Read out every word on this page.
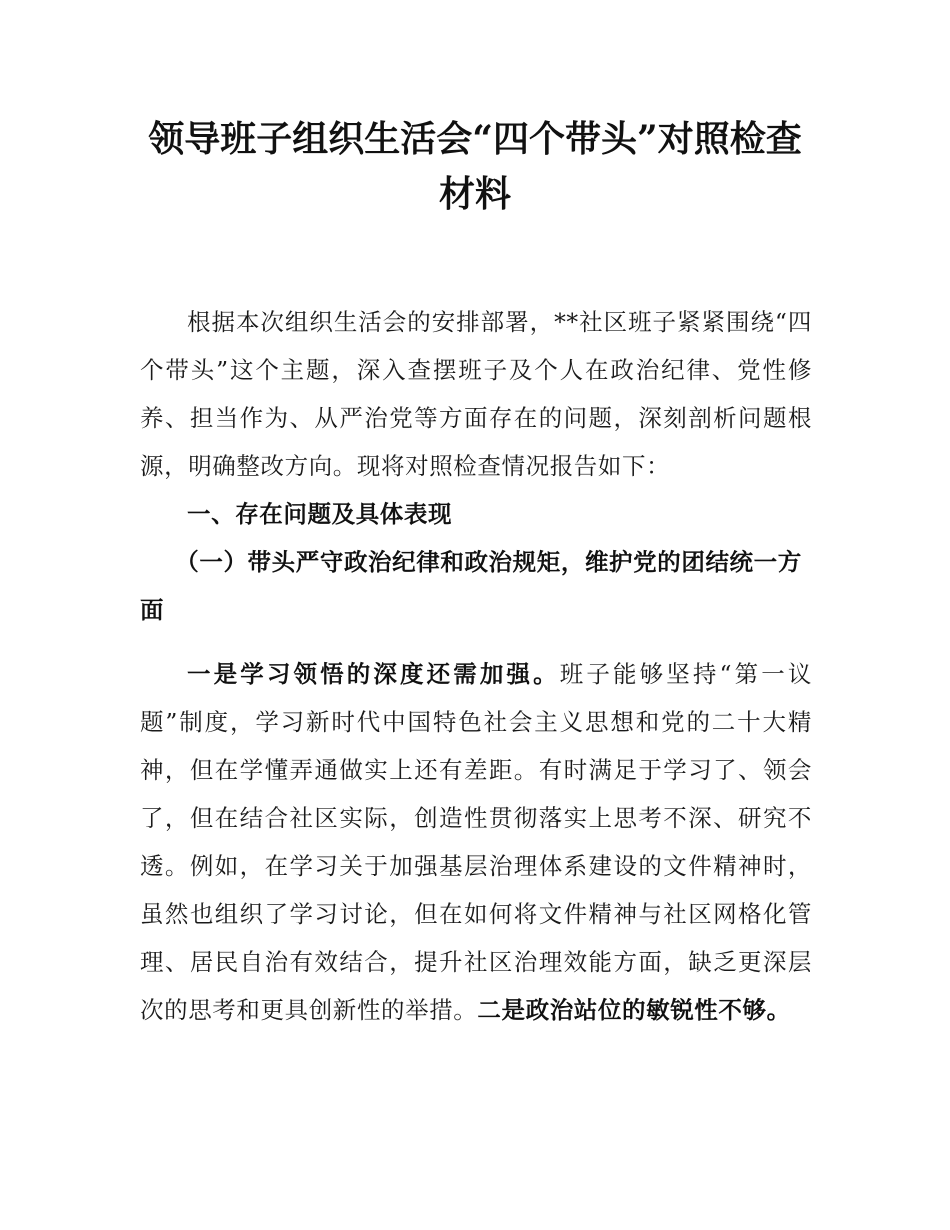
领导班子组织生活会“四个带头”对照检查材料

根据本次组织生活会的安排部署，**社区班子紧紧围绕“四个带头”这个主题，深入查摆班子及个人在政治纪律、党性修养、担当作为、从严治党等方面存在的问题，深刻剖析问题根源，明确整改方向。现将对照检查情况报告如下：

一、存在问题及具体表现

（一）带头严守政治纪律和政治规矩，维护党的团结统一方面

一是学习领悟的深度还需加强。班子能够坚持“第一议题”制度，学习新时代中国特色社会主义思想和党的二十大精神，但在学懂弄通做实上还有差距。有时满足于学习了、领会了，但在结合社区实际，创造性贯彻落实上思考不深、研究不透。例如，在学习关于加强基层治理体系建设的文件精神时，虽然也组织了学习讨论，但在如何将文件精神与社区网格化管理、居民自治有效结合，提升社区治理效能方面，缺乏更深层次的思考和更具创新性的举措。二是政治站位的敏锐性不够。
